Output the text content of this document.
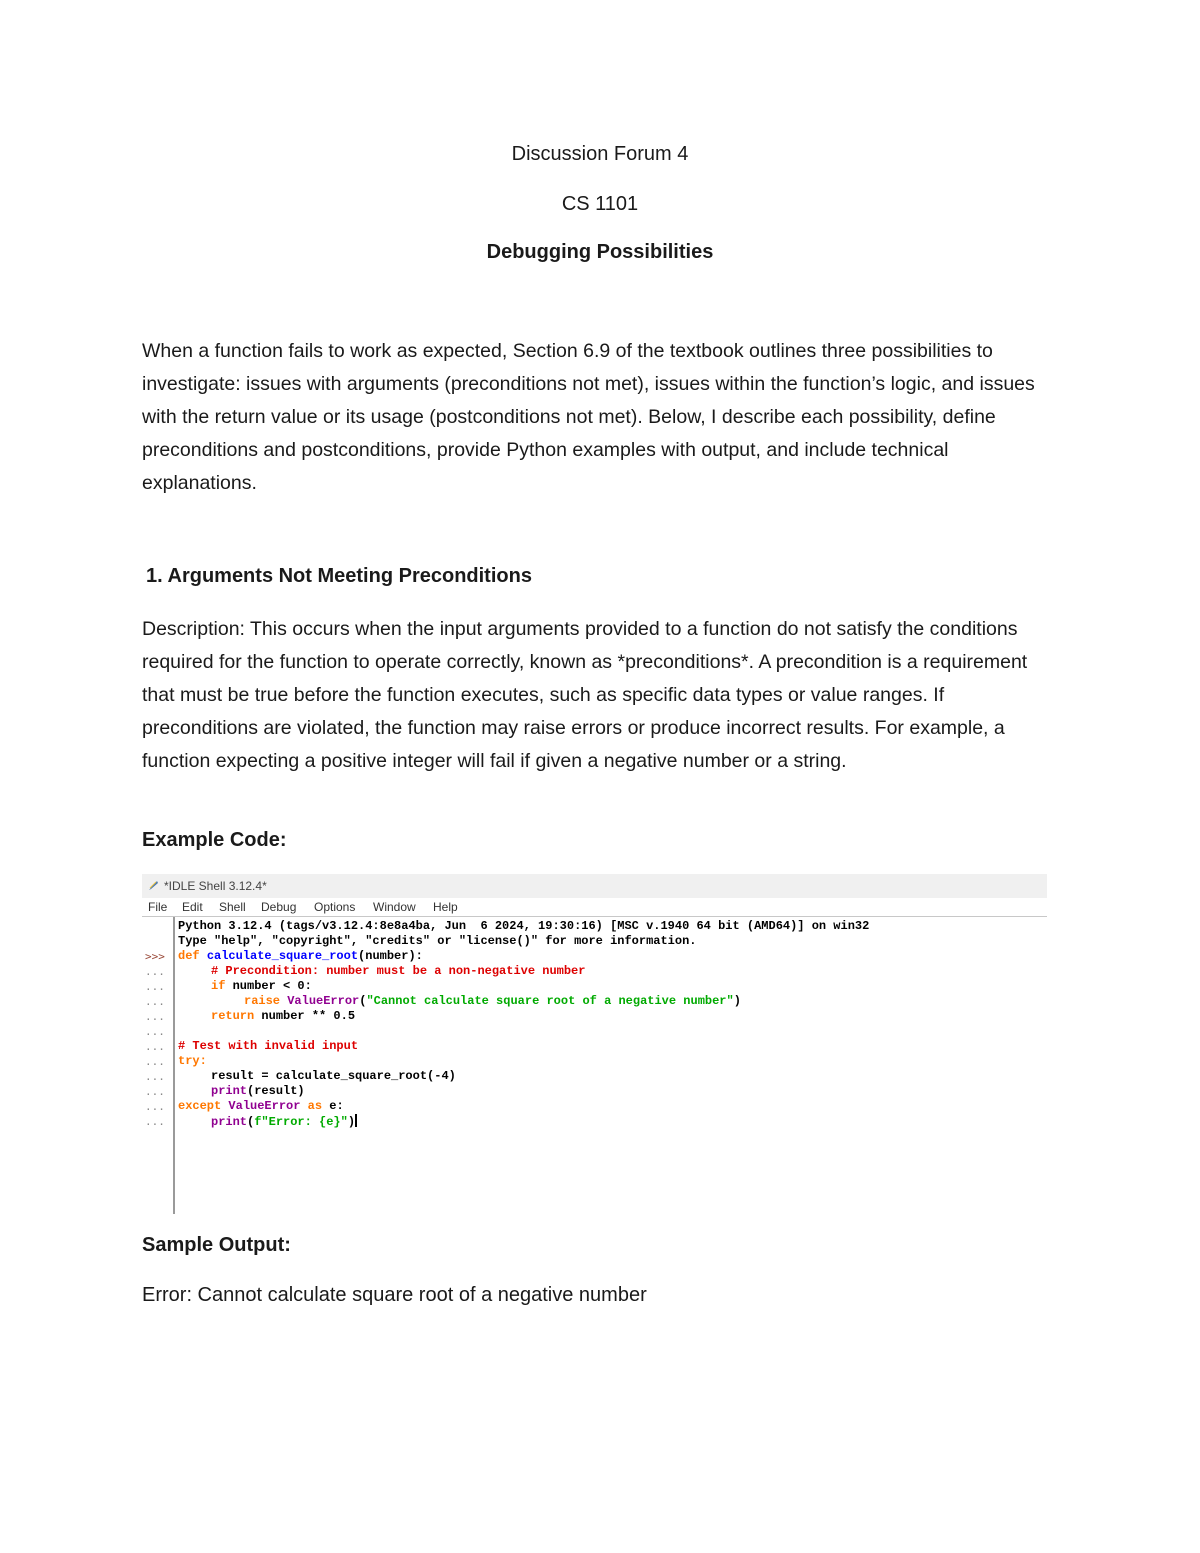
Discussion Forum 4
CS 1101
Debugging Possibilities

When a function fails to work as expected, Section 6.9 of the textbook outlines three possibilities to investigate: issues with arguments (preconditions not met), issues within the function’s logic, and issues with the return value or its usage (postconditions not met). Below, I describe each possibility, define preconditions and postconditions, provide Python examples with output, and include technical explanations.

1. Arguments Not Meeting Preconditions

Description: This occurs when the input arguments provided to a function do not satisfy the conditions required for the function to operate correctly, known as *preconditions*. A precondition is a requirement that must be true before the function executes, such as specific data types or value ranges. If preconditions are violated, the function may raise errors or produce incorrect results. For example, a function expecting a positive integer will fail if given a negative number or a string.

Example Code:
*IDLE Shell 3.12.4*
File Edit Shell Debug Options Window Help
>>>
...
...
...
...
...
...
...
...
...
...
...
Python 3.12.4 (tags/v3.12.4:8e8a4ba, Jun  6 2024, 19:30:16) [MSC v.1940 64 bit (AMD64)] on win32
Type "help", "copyright", "credits" or "license()" for more information.
def calculate_square_root(number):
# Precondition: number must be a non-negative number
if number < 0:
raise ValueError("Cannot calculate square root of a negative number")
return number ** 0.5
# Test with invalid input
try:
result = calculate_square_root(-4)
print(result)
except ValueError as e:
print(f"Error: {e}")
Sample Output:

Error: Cannot calculate square root of a negative number
